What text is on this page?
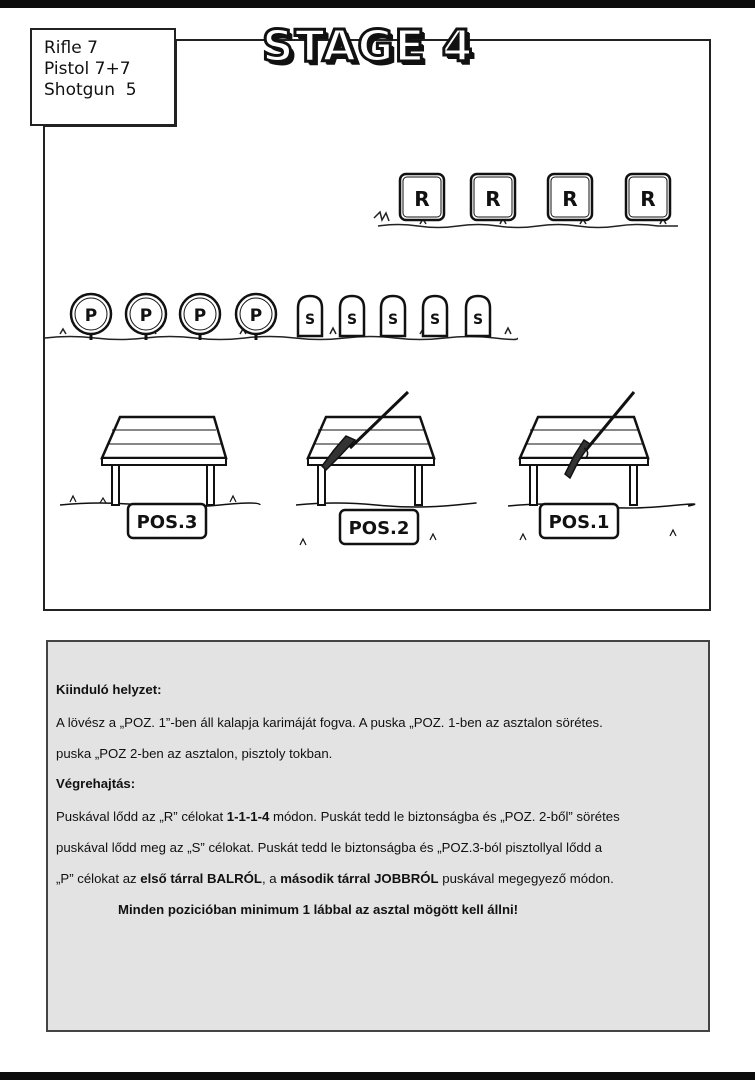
R	R	R	R
P	P P	P	S S S S S
POS.3	POS.2	POS.1
Rifle 7
Pistol 7+7
Shotgun 5
STAGE 4

Kiinduló helyzet:

A lövész a „POZ. 1”-ben áll kalapja karimáját fogva. A puska „POZ. 1-ben az asztalon sörétes.

puska „POZ 2-ben az asztalon, pisztoly tokban.

Végrehajtás:

Puskával lődd az „R” célokat 1-1-1-4 módon. Puskát tedd le biztonságba és „POZ. 2-ből” sörétes

puskával lődd meg az „S” célokat. Puskát tedd le biztonságba és „POZ.3-ból pisztollyal lődd a

„P” célokat az első tárral BALRÓL, a második tárral JOBBRÓL puskával megegyező módon.

Minden pozicióban minimum 1 lábbal az asztal mögött kell állni!
